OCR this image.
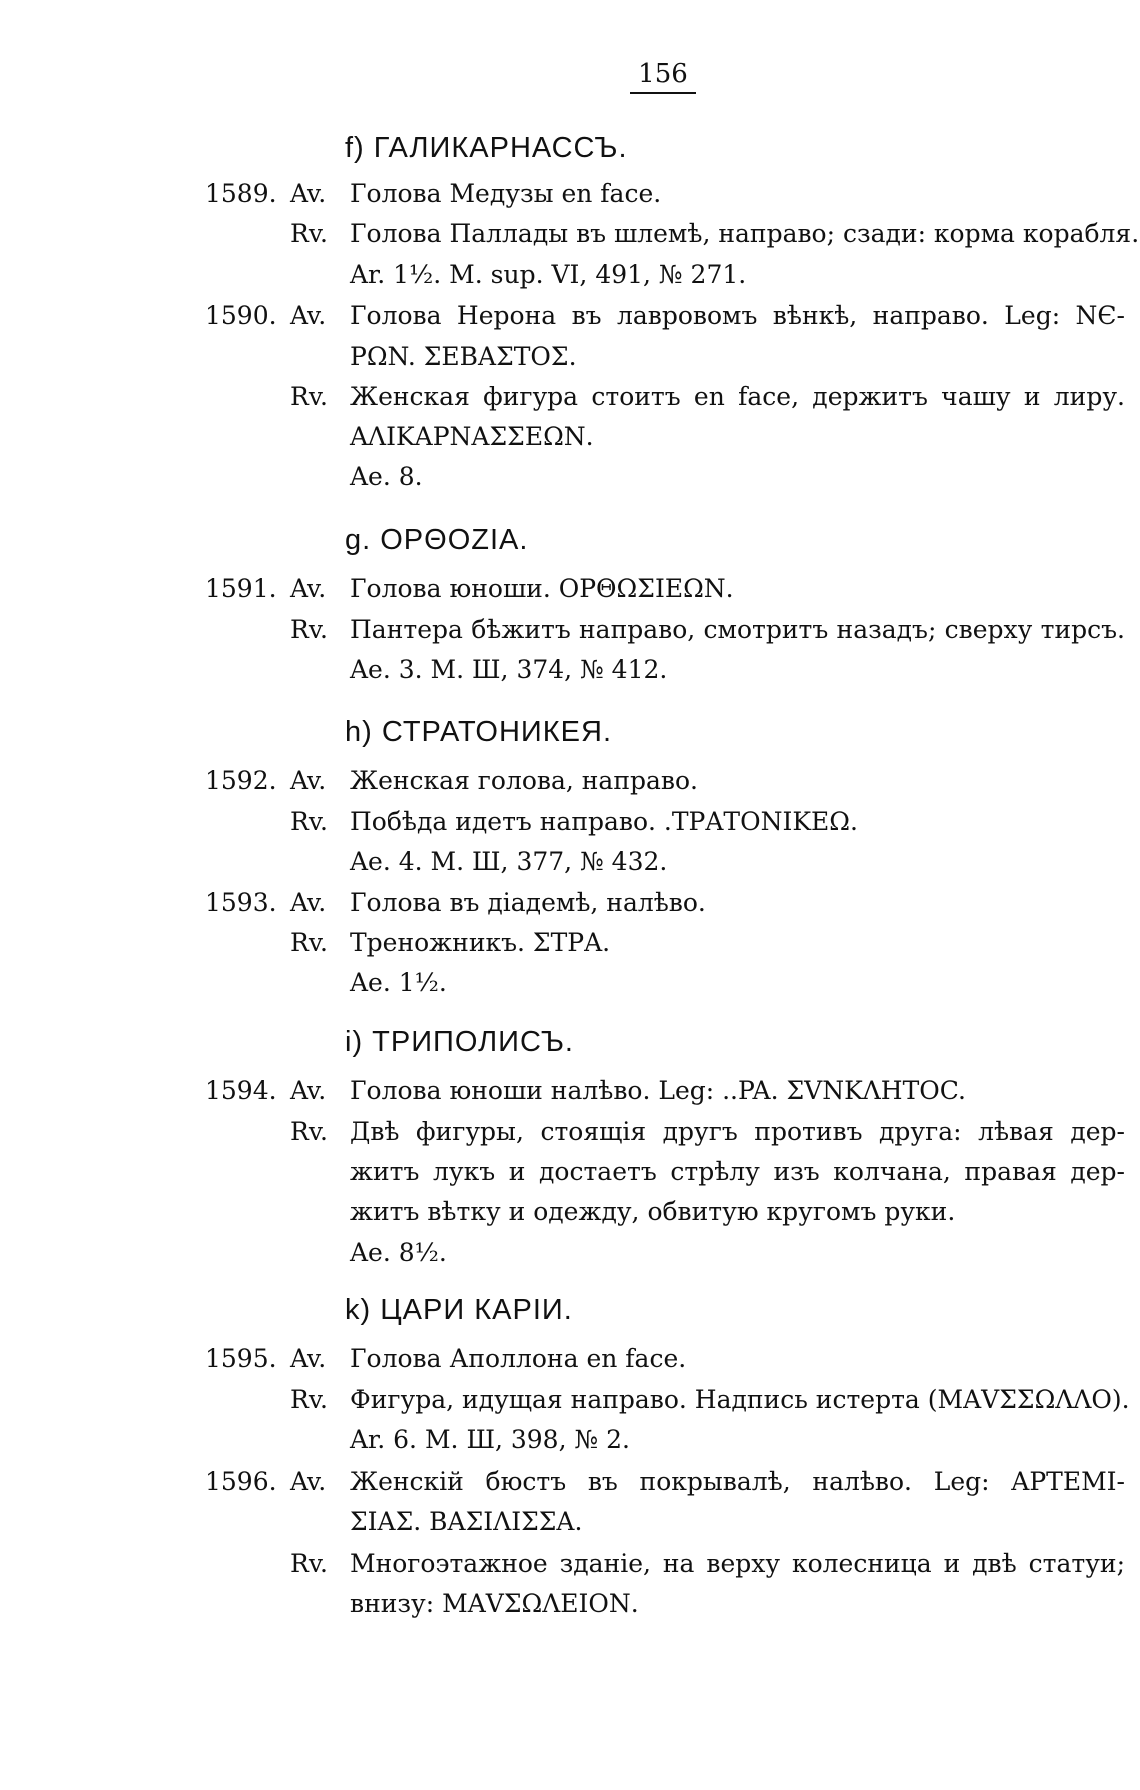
156
f) ГАЛИКАРНАССЪ.
1589. Av. Голова Медузы en face.
Rv. Голова Паллады въ шлемѣ, направо; сзади: корма корабля.
Ar. 1½. M. sup. VI, 491, № 271.
1590. Av. Голова Нерона въ лавровомъ вѣнкѣ, направо. Leg: NЄ-
PΩN. ΣΕΒΑΣΤΟΣ.
Rv. Женская фигура стоитъ en face, держитъ чашу и лиру.
ΑΛΙΚΑΡΝΑΣΣΕΩΝ.
Ae. 8.
g. ΟΡΘΟΖΙΑ.
1591. Av. Голова юноши. ΟΡΘΩΣΙΕΩΝ.
Rv. Пантера бѣжитъ направо, смотритъ назадъ; сверху тирсъ.
Ae. 3. M. Ш, 374, № 412.
h) СТРАТОНИКЕЯ.
1592. Av. Женская голова, направо.
Rv. Побѣда идетъ направо. .ΤΡΑΤΟΝΙΚΕΩ.
Ae. 4. M. Ш, 377, № 432.
1593. Av. Голова въ діадемѣ, налѣво.
Rv. Треножникъ. ΣΤΡΑ.
Ae. 1½.
i) ТРИПОЛИСЪ.
1594. Av. Голова юноши налѣво. Leg: ..PA. ΣVΝΚΛΗΤΟC.
Rv. Двѣ фигуры, стоящія другъ противъ друга: лѣвая дер-
житъ лукъ и достаетъ стрѣлу изъ колчана, правая дер-
житъ вѣтку и одежду, обвитую кругомъ руки.
Ae. 8½.
k) ЦАРИ КАРІИ.
1595. Av. Голова Аполлона en face.
Rv. Фигура, идущая направо. Надпись истерта (ΜΑVΣΣΩΛΛΟ).
Ar. 6. M. Ш, 398, № 2.
1596. Av. Женскій бюстъ въ покрывалѣ, налѣво. Leg: ΑΡΤΕΜΙ-
ΣΙΑΣ. ΒΑΣΙΛΙΣΣΑ.
Rv. Многоэтажное зданіе, на верху колесница и двѣ статуи;
внизу: ΜΑVΣΩΛΕΙΟΝ.
